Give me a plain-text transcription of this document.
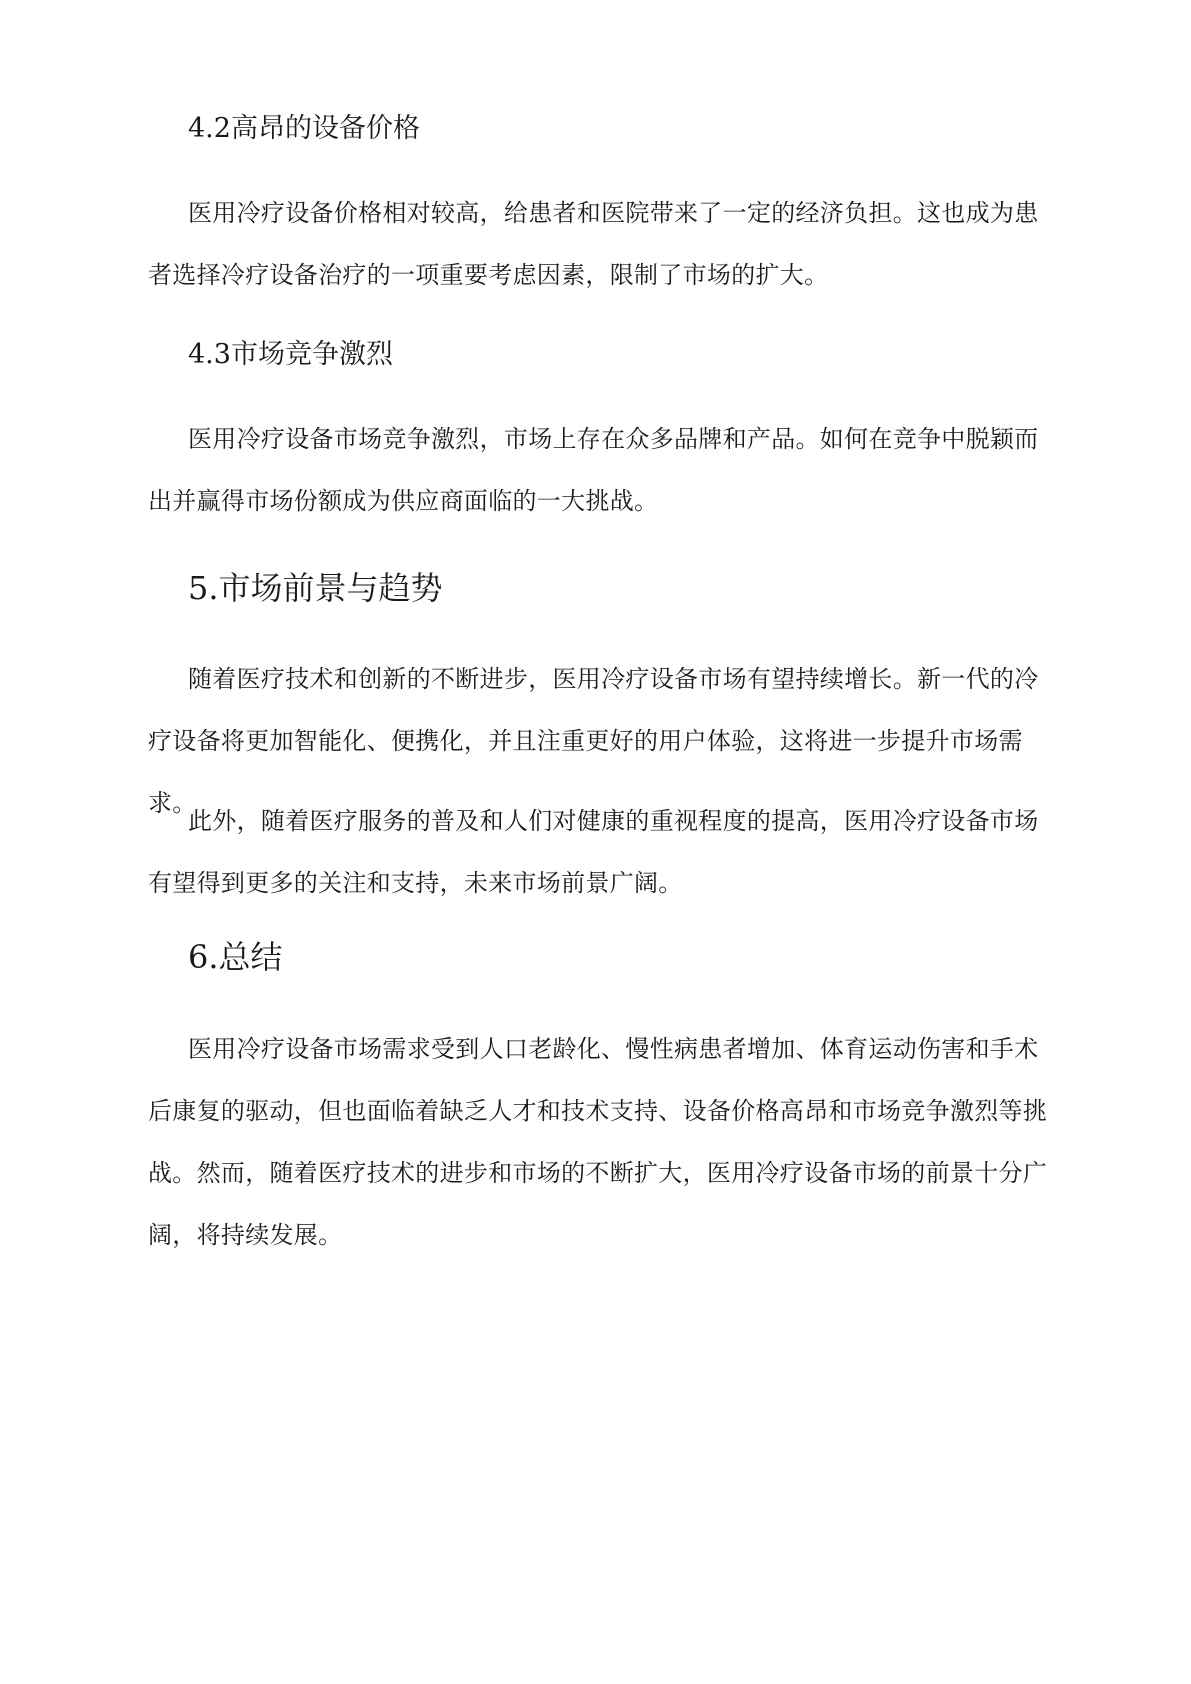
4.2高昂的设备价格

医用冷疗设备价格相对较高，给患者和医院带来了一定的经济负担。这也成为患者选择冷疗设备治疗的一项重要考虑因素，限制了市场的扩大。

4.3市场竞争激烈

医用冷疗设备市场竞争激烈，市场上存在众多品牌和产品。如何在竞争中脱颖而出并赢得市场份额成为供应商面临的一大挑战。

5.市场前景与趋势

随着医疗技术和创新的不断进步，医用冷疗设备市场有望持续增长。新一代的冷疗设备将更加智能化、便携化，并且注重更好的用户体验，这将进一步提升市场需求。

此外，随着医疗服务的普及和人们对健康的重视程度的提高，医用冷疗设备市场有望得到更多的关注和支持，未来市场前景广阔。

6.总结

医用冷疗设备市场需求受到人口老龄化、慢性病患者增加、体育运动伤害和手术后康复的驱动，但也面临着缺乏人才和技术支持、设备价格高昂和市场竞争激烈等挑战。然而，随着医疗技术的进步和市场的不断扩大，医用冷疗设备市场的前景十分广阔，将持续发展。
